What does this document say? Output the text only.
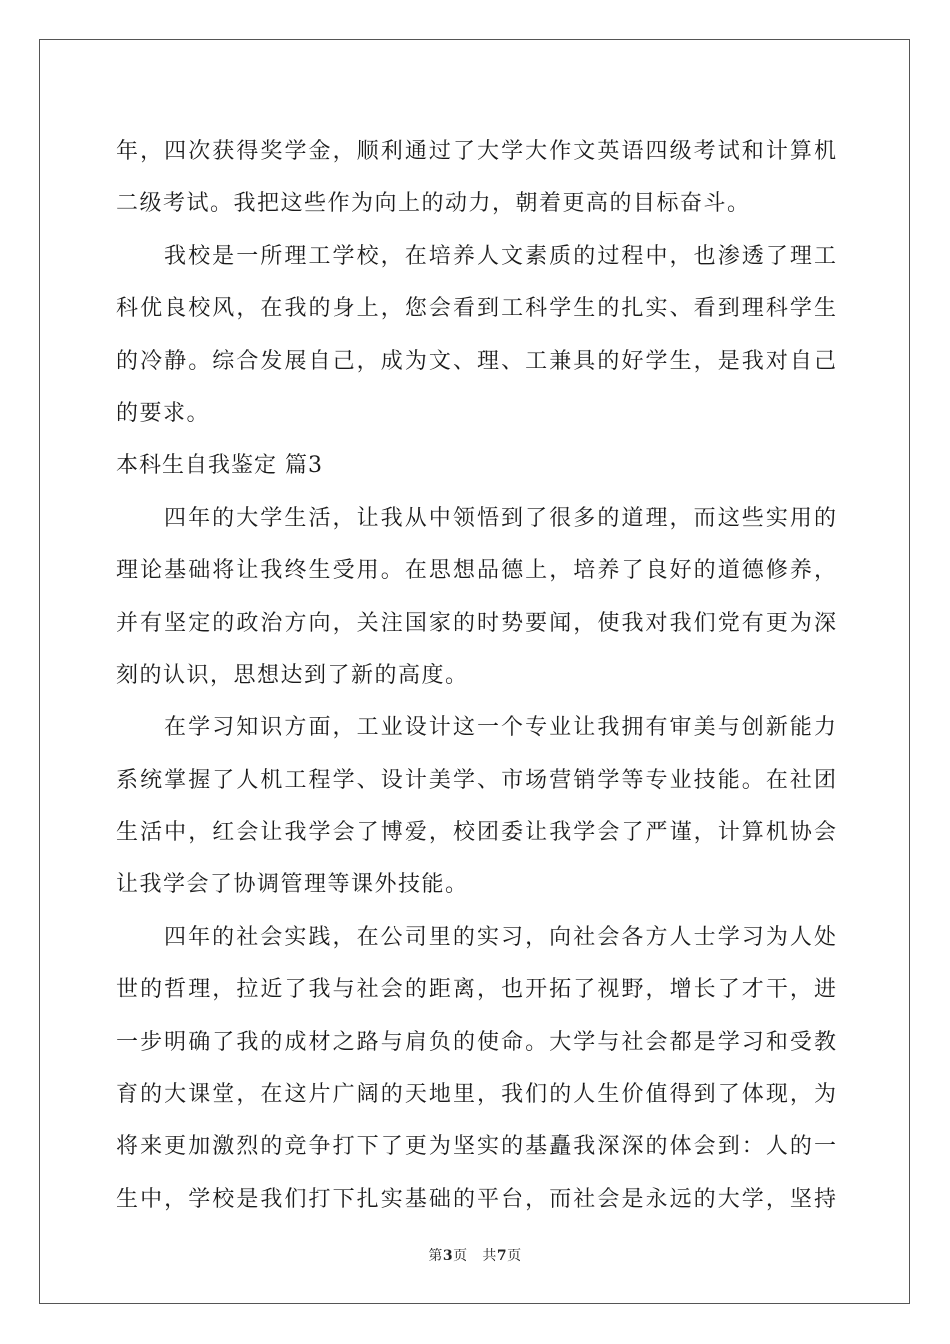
年，四次获得奖学金，顺利通过了大学大作文英语四级考试和计算机
二级考试。我把这些作为向上的动力，朝着更高的目标奋斗。
我校是一所理工学校，在培养人文素质的过程中，也渗透了理工
科优良校风，在我的身上，您会看到工科学生的扎实、看到理科学生
的冷静。综合发展自己，成为文、理、工兼具的好学生，是我对自己
的要求。
本科生自我鉴定 篇3
四年的大学生活，让我从中领悟到了很多的道理，而这些实用的
理论基础将让我终生受用。在思想品德上，培养了良好的道德修养，
并有坚定的政治方向，关注国家的时势要闻，使我对我们党有更为深
刻的认识，思想达到了新的高度。
在学习知识方面，工业设计这一个专业让我拥有审美与创新能力
系统掌握了人机工程学、设计美学、市场营销学等专业技能。在社团
生活中，红会让我学会了博爱，校团委让我学会了严谨，计算机协会
让我学会了协调管理等课外技能。
四年的社会实践，在公司里的实习，向社会各方人士学习为人处
世的哲理，拉近了我与社会的距离，也开拓了视野，增长了才干，进
一步明确了我的成材之路与肩负的使命。大学与社会都是学习和受教
育的大课堂，在这片广阔的天地里，我们的人生价值得到了体现，为
将来更加激烈的竞争打下了更为坚实的基矗我深深的体会到：人的一
生中，学校是我们打下扎实基础的平台，而社会是永远的大学，坚持
第3页 共7页
